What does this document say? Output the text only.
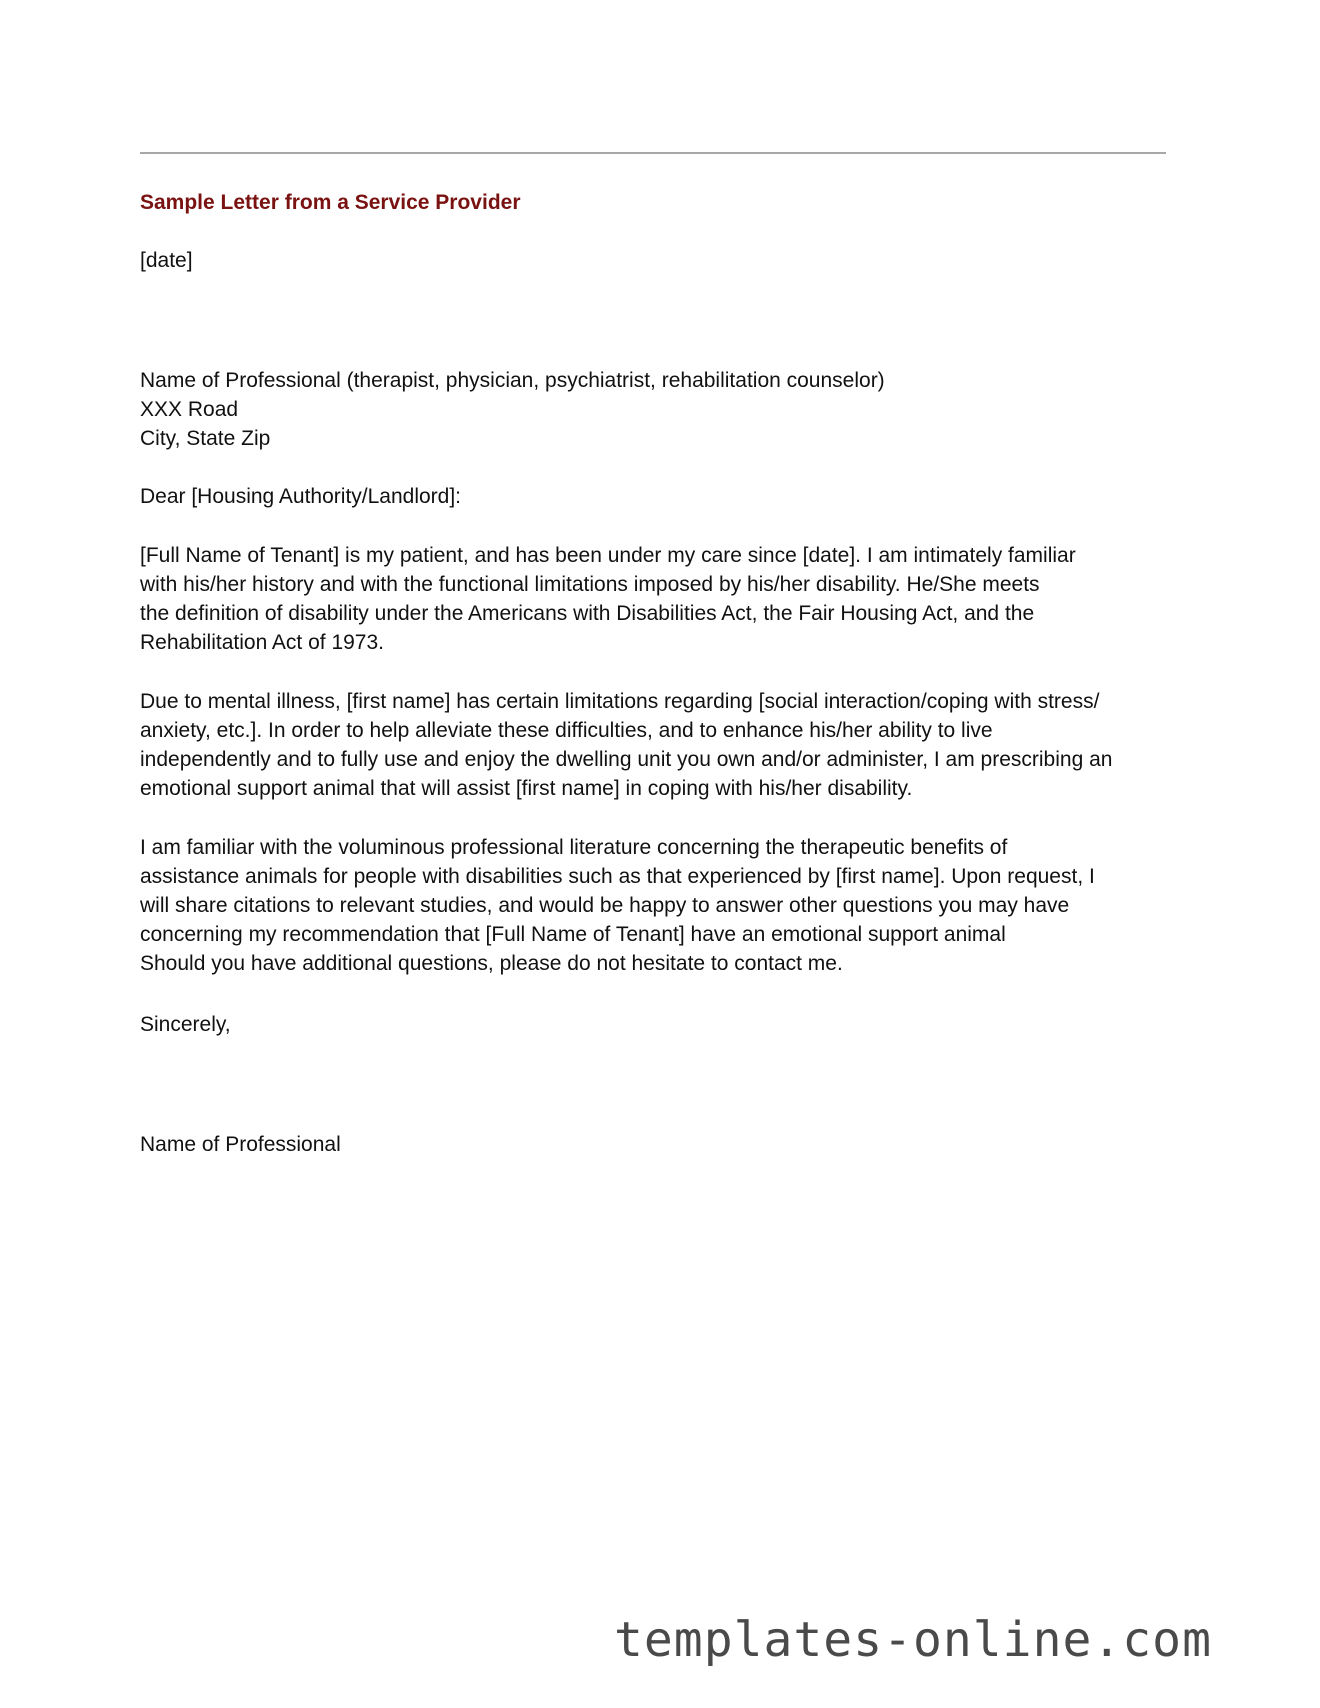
Sample Letter from a Service Provider
[date]
Name of Professional (therapist, physician, psychiatrist, rehabilitation counselor)
XXX Road
City, State Zip
Dear [Housing Authority/Landlord]:
[Full Name of Tenant] is my patient, and has been under my care since [date]. I am intimately familiar
with his/her history and with the functional limitations imposed by his/her disability. He/She meets
the definition of disability under the Americans with Disabilities Act, the Fair Housing Act, and the
Rehabilitation Act of 1973.
Due to mental illness, [first name] has certain limitations regarding [social interaction/coping with stress/
anxiety, etc.]. In order to help alleviate these difficulties, and to enhance his/her ability to live
independently and to fully use and enjoy the dwelling unit you own and/or administer, I am prescribing an
emotional support animal that will assist [first name] in coping with his/her disability.
I am familiar with the voluminous professional literature concerning the therapeutic benefits of
assistance animals for people with disabilities such as that experienced by [first name]. Upon request, I
will share citations to relevant studies, and would be happy to answer other questions you may have
concerning my recommendation that [Full Name of Tenant] have an emotional support animal
Should you have additional questions, please do not hesitate to contact me.
Sincerely,
Name of Professional
templates-online.com
